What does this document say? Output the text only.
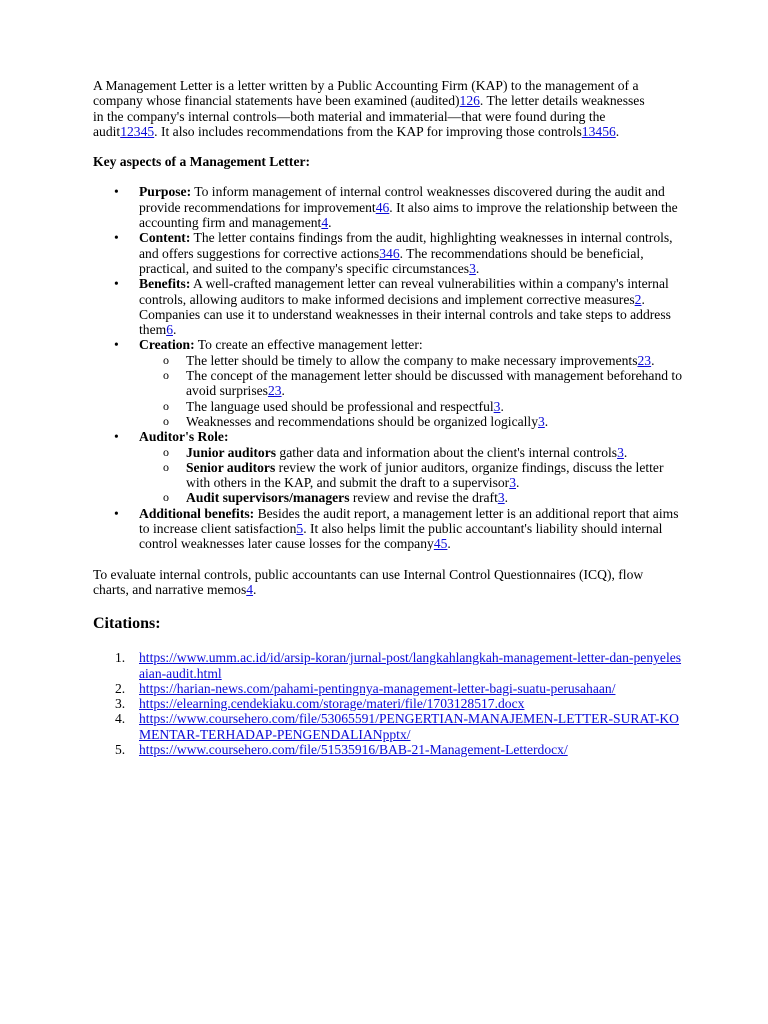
A Management Letter is a letter written by a Public Accounting Firm (KAP) to the management of a company whose financial statements have been examined (audited)126. The letter details weaknesses in the company's internal controls—both material and immaterial—that were found during the audit12345. It also includes recommendations from the KAP for improving those controls13456.

Key aspects of a Management Letter:

• Purpose: To inform management of internal control weaknesses discovered during the audit and provide recommendations for improvement46. It also aims to improve the relationship between the accounting firm and management4.
• Content: The letter contains findings from the audit, highlighting weaknesses in internal controls, and offers suggestions for corrective actions346. The recommendations should be beneficial, practical, and suited to the company's specific circumstances3.
• Benefits: A well-crafted management letter can reveal vulnerabilities within a company's internal controls, allowing auditors to make informed decisions and implement corrective measures2. Companies can use it to understand weaknesses in their internal controls and take steps to address them6.
• Creation: To create an effective management letter:
o The letter should be timely to allow the company to make necessary improvements23.
o The concept of the management letter should be discussed with management beforehand to avoid surprises23.
o The language used should be professional and respectful3.
o Weaknesses and recommendations should be organized logically3.
• Auditor's Role:
o Junior auditors gather data and information about the client's internal controls3.
o Senior auditors review the work of junior auditors, organize findings, discuss the letter with others in the KAP, and submit the draft to a supervisor3.
o Audit supervisors/managers review and revise the draft3.
• Additional benefits: Besides the audit report, a management letter is an additional report that aims to increase client satisfaction5. It also helps limit the public accountant's liability should internal control weaknesses later cause losses for the company45.

To evaluate internal controls, public accountants can use Internal Control Questionnaires (ICQ), flow charts, and narrative memos4.

Citations:

1. https://www.umm.ac.id/id/arsip-koran/jurnal-post/langkahlangkah-management-letter-dan-penyelesaian-audit.html
2. https://harian-news.com/pahami-pentingnya-management-letter-bagi-suatu-perusahaan/
3. https://elearning.cendekiaku.com/storage/materi/file/1703128517.docx
4. https://www.coursehero.com/file/53065591/PENGERTIAN-MANAJEMEN-LETTER-SURAT-KOMENTAR-TERHADAP-PENGENDALIANpptx/
5. https://www.coursehero.com/file/51535916/BAB-21-Management-Letterdocx/
